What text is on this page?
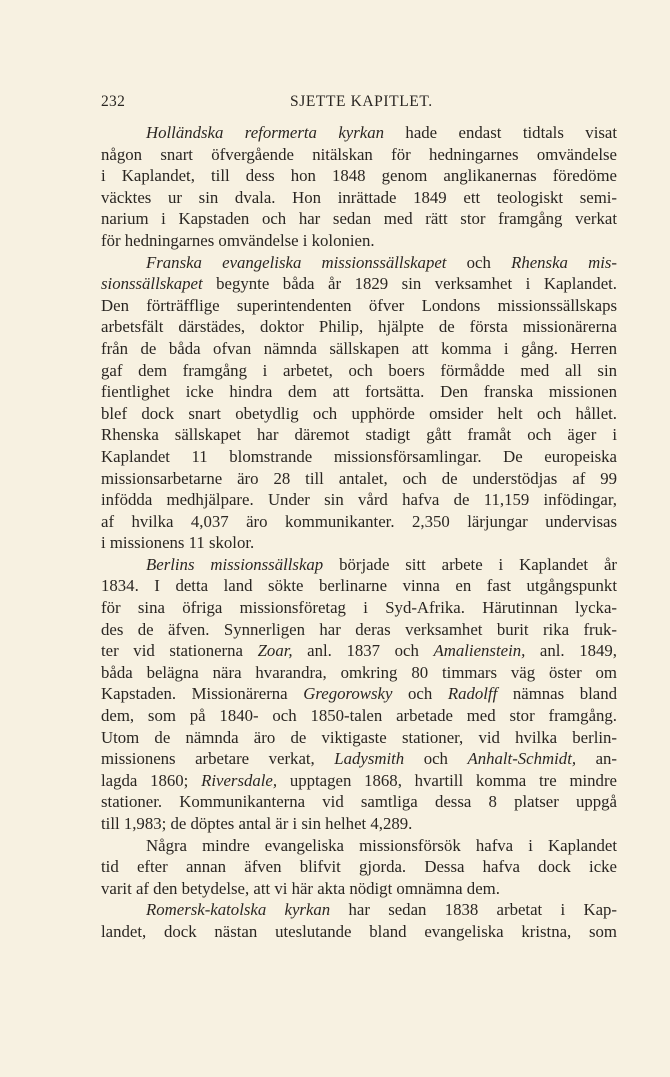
232	SJETTE KAPITLET.
Holländska reformerta kyrkan hade endast tidtals visat
någon snart öfvergående nitälskan för hedningarnes omvändelse
i Kaplandet, till dess hon 1848 genom anglikanernas föredöme
väcktes ur sin dvala. Hon inrättade 1849 ett teologiskt semi-
narium i Kapstaden och har sedan med rätt stor framgång verkat
för hedningarnes omvändelse i kolonien.
Franska evangeliska missionssällskapet och Rhenska mis-
sionssällskapet begynte båda år 1829 sin verksamhet i Kaplandet.
Den förträfflige superintendenten öfver Londons missionssällskaps
arbetsfält därstädes, doktor Philip, hjälpte de första missionärerna
från de båda ofvan nämnda sällskapen att komma i gång. Herren
gaf dem framgång i arbetet, och boers förmådde med all sin
fientlighet icke hindra dem att fortsätta. Den franska missionen
blef dock snart obetydlig och upphörde omsider helt och hållet.
Rhenska sällskapet har däremot stadigt gått framåt och äger i
Kaplandet 11 blomstrande missionsförsamlingar. De europeiska
missionsarbetarne äro 28 till antalet, och de understödjas af 99
infödda medhjälpare. Under sin vård hafva de 11,159 infödingar,
af hvilka 4,037 äro kommunikanter. 2,350 lärjungar undervisas
i missionens 11 skolor.
Berlins missionssällskap började sitt arbete i Kaplandet år
1834. I detta land sökte berlinarne vinna en fast utgångspunkt
för sina öfriga missionsföretag i Syd-Afrika. Härutinnan lycka-
des de äfven. Synnerligen har deras verksamhet burit rika fruk-
ter vid stationerna Zoar, anl. 1837 och Amalienstein, anl. 1849,
båda belägna nära hvarandra, omkring 80 timmars väg öster om
Kapstaden. Missionärerna Gregorowsky och Radolff nämnas bland
dem, som på 1840- och 1850-talen arbetade med stor framgång.
Utom de nämnda äro de viktigaste stationer, vid hvilka berlin-
missionens arbetare verkat, Ladysmith och Anhalt-Schmidt, an-
lagda 1860; Riversdale, upptagen 1868, hvartill komma tre mindre
stationer. Kommunikanterna vid samtliga dessa 8 platser uppgå
till 1,983; de döptes antal är i sin helhet 4,289.
Några mindre evangeliska missionsförsök hafva i Kaplandet
tid efter annan äfven blifvit gjorda. Dessa hafva dock icke
varit af den betydelse, att vi här akta nödigt omnämna dem.
Romersk-katolska kyrkan har sedan 1838 arbetat i Kap-
landet, dock nästan uteslutande bland evangeliska kristna, som
